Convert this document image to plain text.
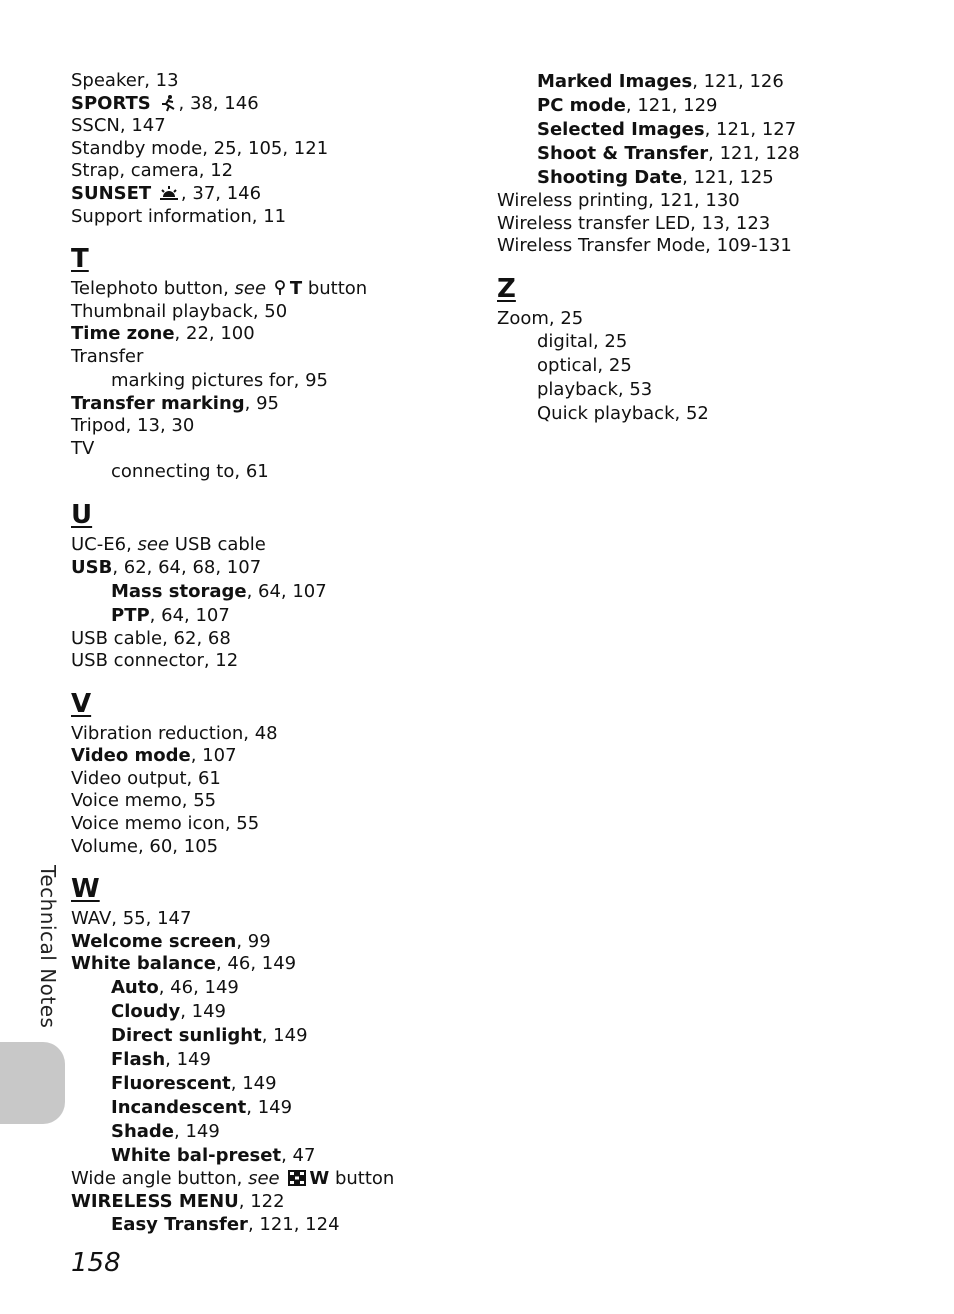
Speaker, 13
SPORTS , 38, 146
SSCN, 147
Standby mode, 25, 105, 121
Strap, camera, 12
SUNSET , 37, 146
Support information, 11
T
Telephoto button, see T button
Thumbnail playback, 50
Time zone, 22, 100
Transfer
marking pictures for, 95
Transfer marking, 95
Tripod, 13, 30
TV
connecting to, 61
U
UC-E6, see USB cable
USB, 62, 64, 68, 107
Mass storage, 64, 107
PTP, 64, 107
USB cable, 62, 68
USB connector, 12
V
Vibration reduction, 48
Video mode, 107
Video output, 61
Voice memo, 55
Voice memo icon, 55
Volume, 60, 105
W
WAV, 55, 147
Welcome screen, 99
White balance, 46, 149
Auto, 46, 149
Cloudy, 149
Direct sunlight, 149
Flash, 149
Fluorescent, 149
Incandescent, 149
Shade, 149
White bal-preset, 47
Wide angle button, see W button
WIRELESS MENU, 122
Easy Transfer, 121, 124
Marked Images, 121, 126
PC mode, 121, 129
Selected Images, 121, 127
Shoot & Transfer, 121, 128
Shooting Date, 121, 125
Wireless printing, 121, 130
Wireless transfer LED, 13, 123
Wireless Transfer Mode, 109-131
Z
Zoom, 25
digital, 25
optical, 25
playback, 53
Quick playback, 52
Technical Notes
158
